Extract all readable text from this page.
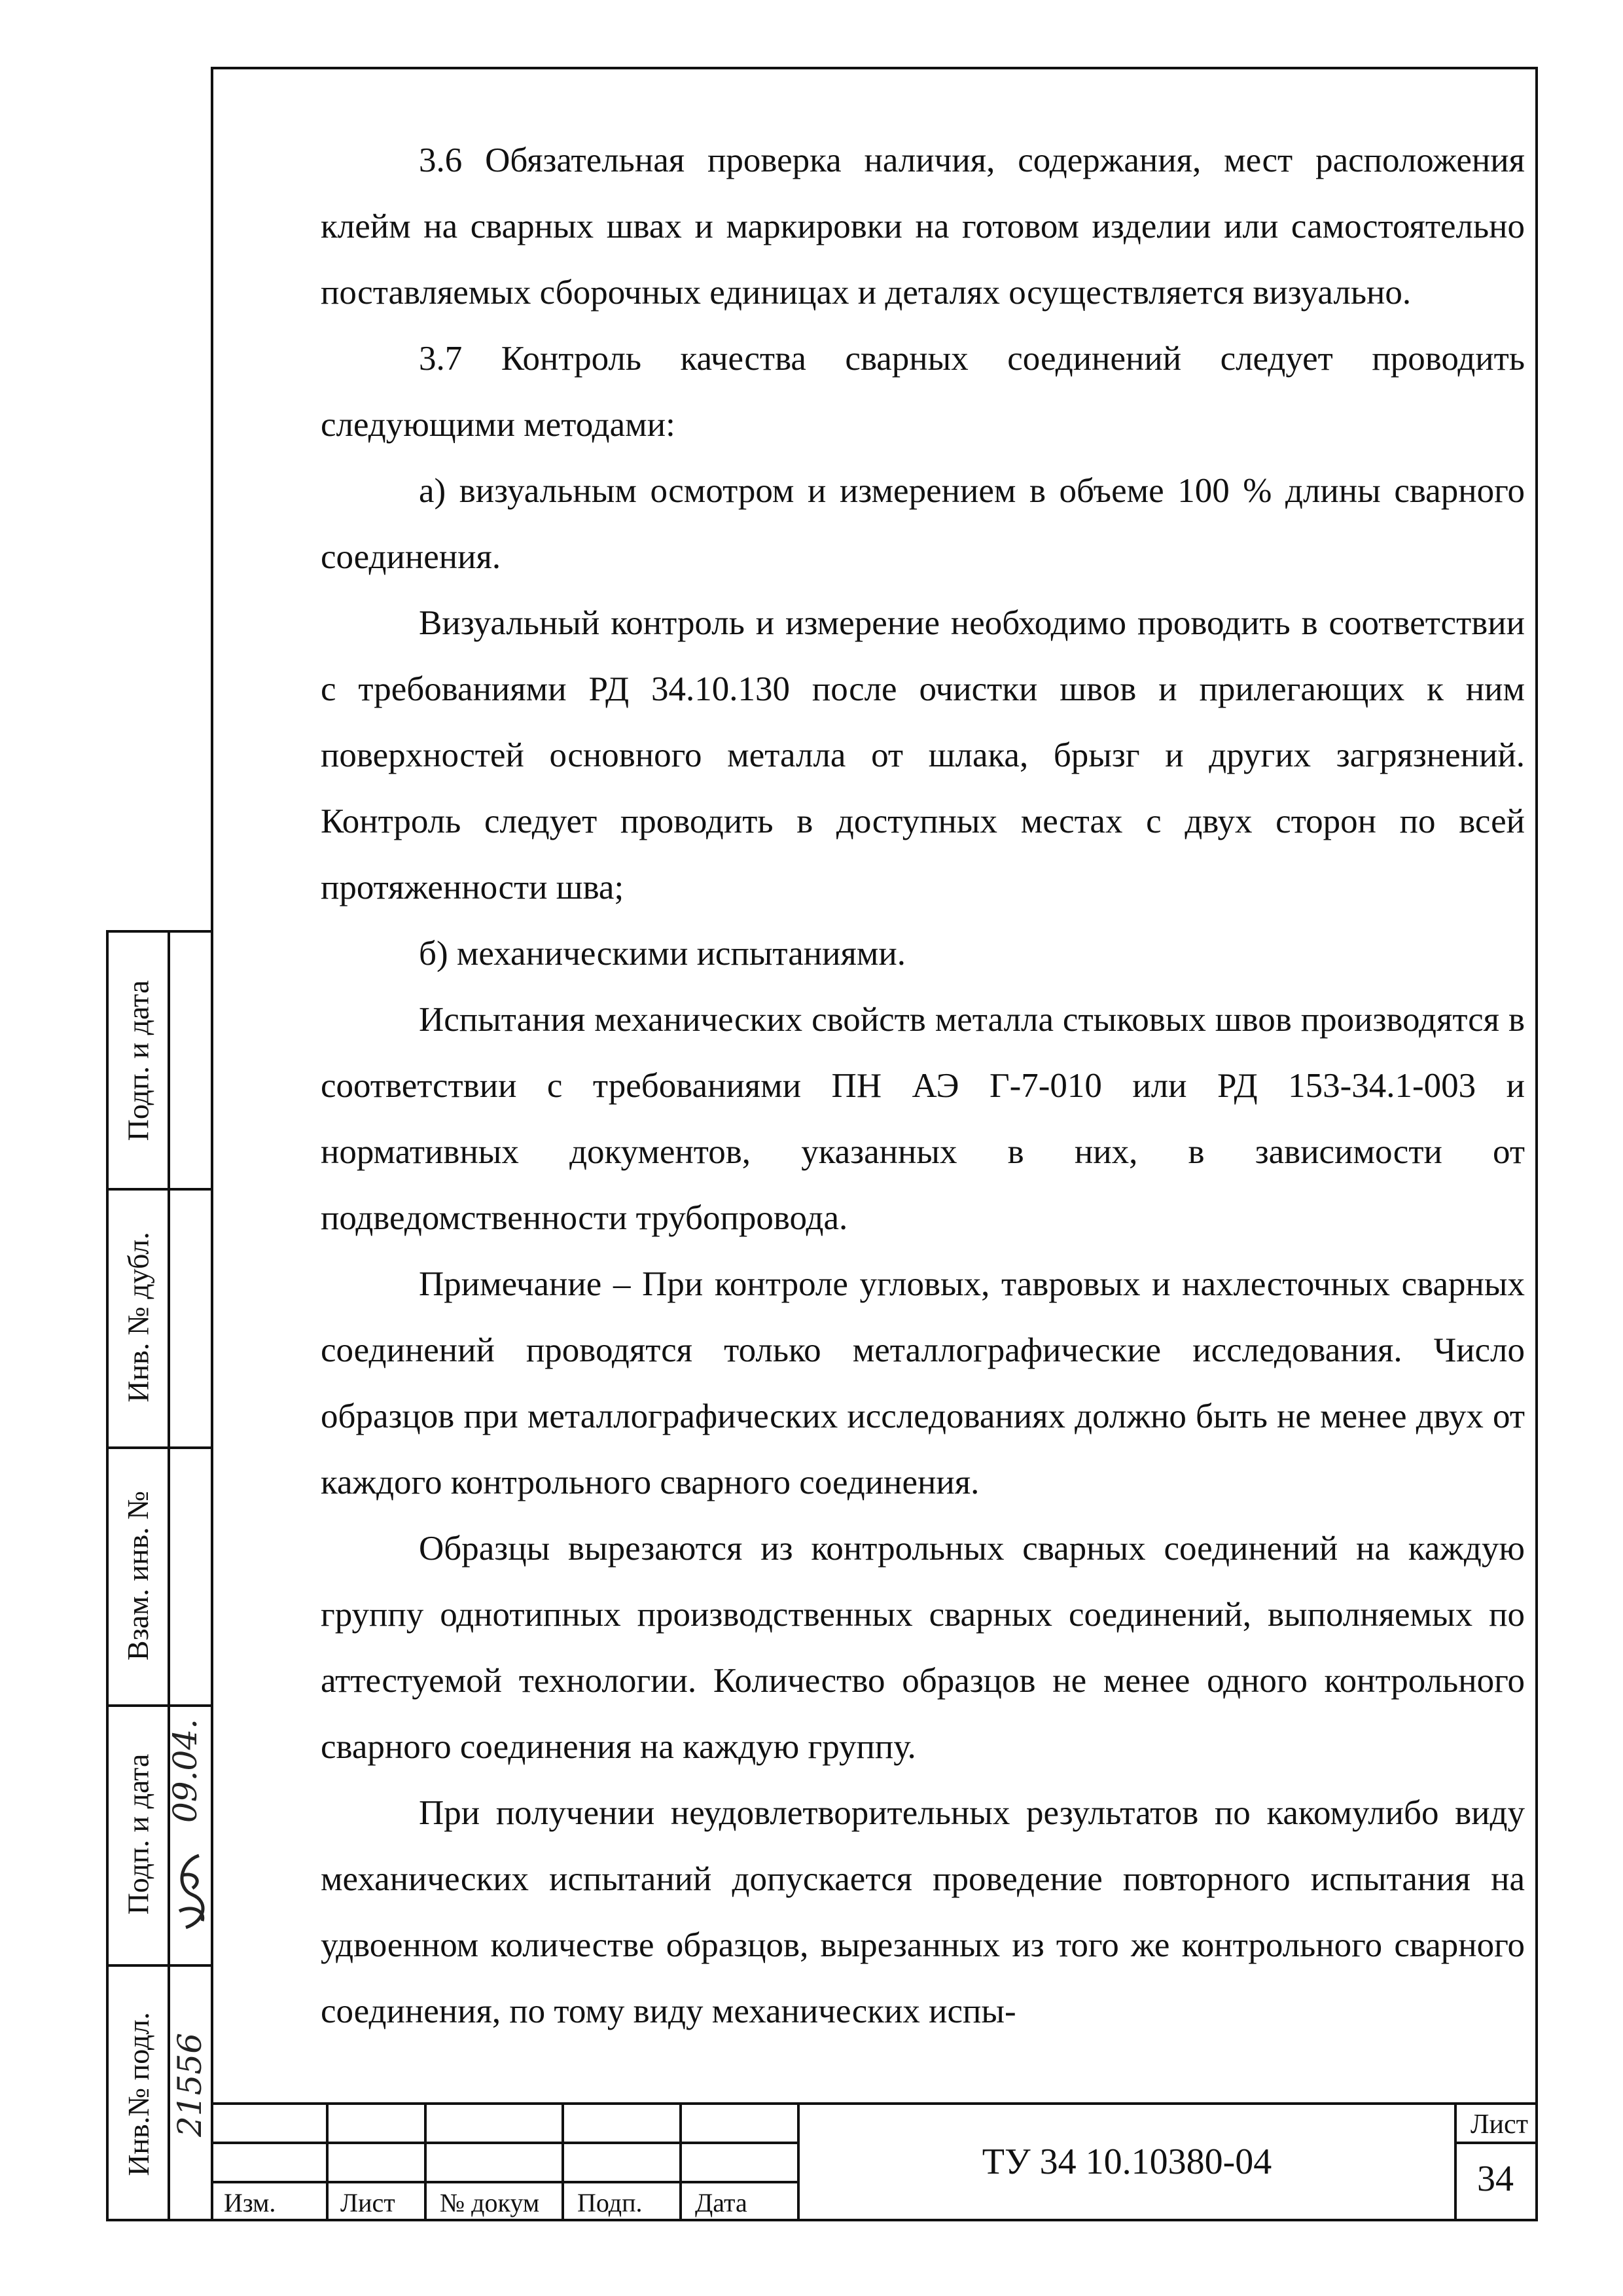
3.6 Обязательная проверка наличия, содержания, мест расположения клейм на сварных швах и маркировки на готовом изделии или самостоятельно поставляемых сборочных единицах и деталях осуществляется визуально.

3.7 Контроль качества сварных соединений следует проводить следующими методами:

а) визуальным осмотром и измерением в объеме 100 % длины сварного соединения.

Визуальный контроль и измерение необходимо проводить в соответствии с требованиями РД 34.10.130 после очистки швов и прилегающих к ним поверхностей основного металла от шлака, брызг и других загрязнений. Контроль следует проводить в доступных местах с двух сторон по всей протяженности шва;

б) механическими испытаниями.

Испытания механических свойств металла стыковых швов производятся в соответствии с требованиями ПН АЭ Г-7-010 или РД 153-34.1-003 и нормативных документов, указанных в них, в зависимости от подведомственности трубопровода.

Примечание – При контроле угловых, тавровых и нахлесточных сварных соединений проводятся только металлографические исследования. Число образцов при металлографических исследованиях должно быть не менее двух от каждого контрольного сварного соединения.

Образцы вырезаются из контрольных сварных соединений на каждую группу однотипных производственных сварных соединений, выполняемых по аттестуемой технологии. Количество образцов не менее одного контрольного сварного соединения на каждую группу.

При получении неудовлетворительных результатов по какомулибо виду механических испытаний допускается проведение повторного испытания на удвоенном количестве образцов, вырезанных из того же контрольного сварного соединения, по тому виду механических испы-

Подп. и дата
Инв. № дубл.
Взам. инв. №
Подп. и дата
Инв.№ подл.
09.04.
21556
Изм. Лист № докум Подп. Дата
ТУ 34 10.10380-04
Лист
34
